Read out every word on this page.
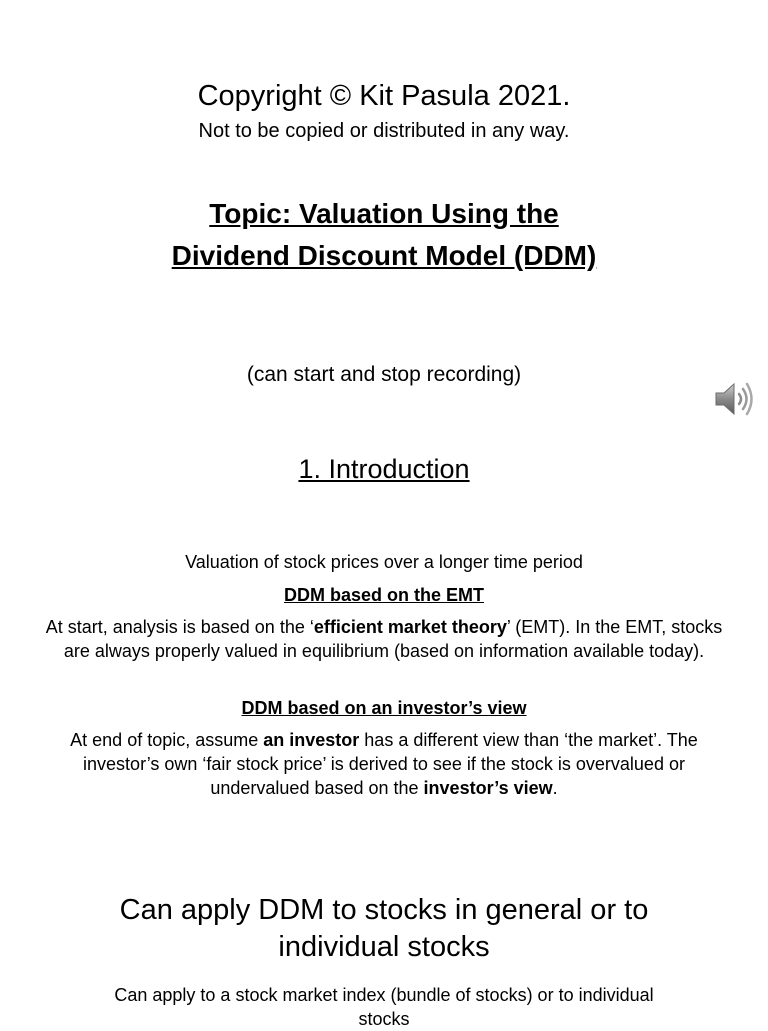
Copyright © Kit Pasula 2021.
Not to be copied or distributed in any way.
Topic: Valuation Using the
Dividend Discount Model (DDM)
(can start and stop recording)
1. Introduction
Valuation of stock prices over a longer time period
DDM based on the EMT
At start, analysis is based on the ‘efficient market theory’ (EMT). In the EMT, stocks are always properly valued in equilibrium (based on information available today).
DDM based on an investor’s view
At end of topic, assume an investor has a different view than ‘the market’. The investor’s own ‘fair stock price’ is derived to see if the stock is overvalued or undervalued based on the investor’s view.
Can apply DDM to stocks in general or to individual stocks
Can apply to a stock market index (bundle of stocks) or to individual stocks
